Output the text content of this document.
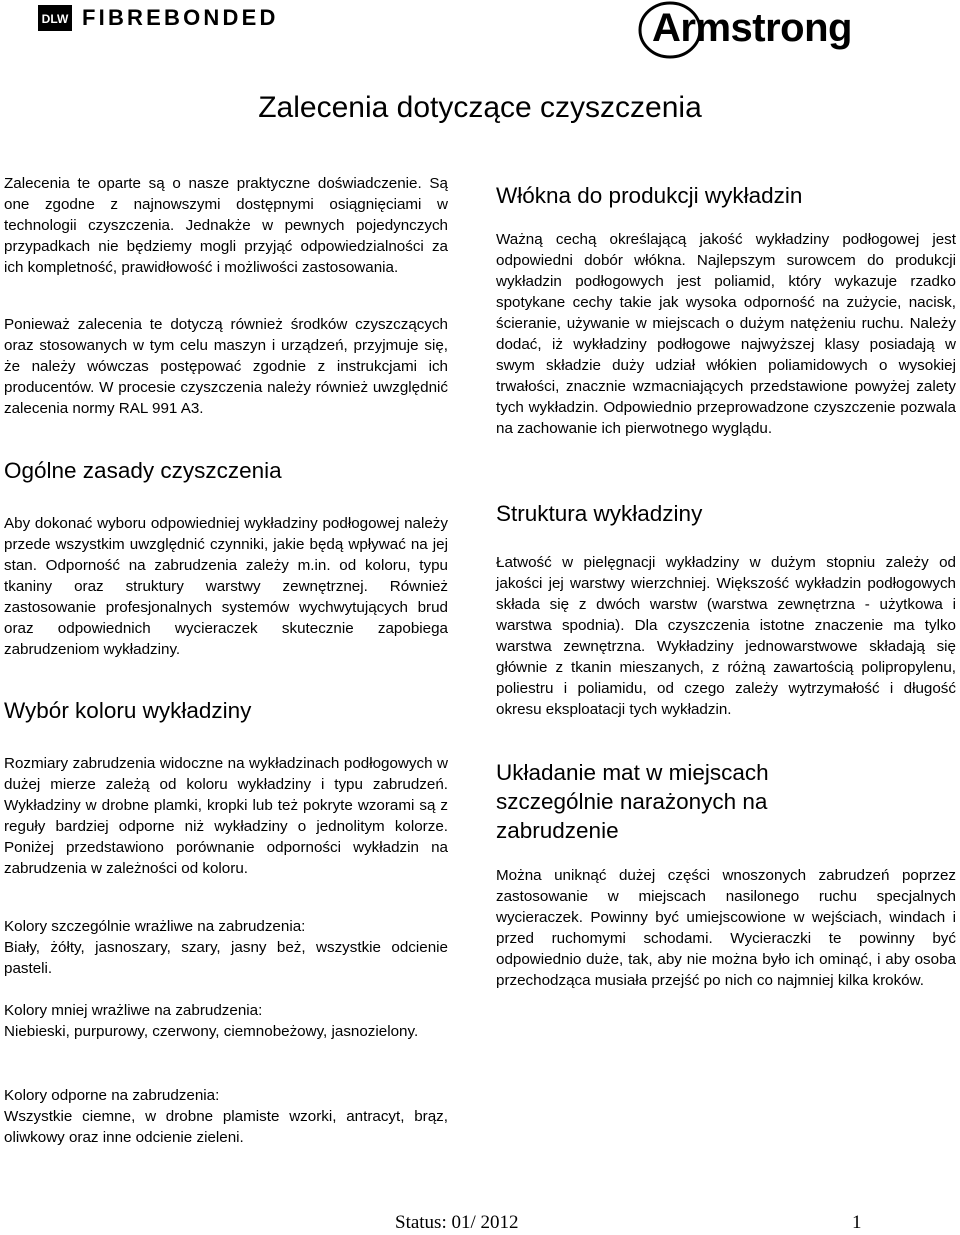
DLW FIBREBONDED	Armstrong
Zalecenia dotyczące czyszczenia

Zalecenia te oparte są o nasze praktyczne doświadczenie. Są one zgodne z najnowszymi dostępnymi osiągnięciami w technologii czyszczenia. Jednakże w pewnych pojedynczych przypadkach nie będziemy mogli przyjąć odpowiedzialności za ich kompletność, prawidłowość i możliwości zastosowania.

Ponieważ zalecenia te dotyczą również środków czyszczących oraz stosowanych w tym celu maszyn i urządzeń, przyjmuje się, że należy wówczas postępować zgodnie z instrukcjami ich producentów. W procesie czyszczenia należy również uwzględnić zalecenia normy RAL 991 A3.

Ogólne zasady czyszczenia

Aby dokonać wyboru odpowiedniej wykładziny podłogowej należy przede wszystkim uwzględnić czynniki, jakie będą wpływać na jej stan. Odporność na zabrudzenia zależy m.in. od koloru, typu tkaniny oraz struktury warstwy zewnętrznej. Również zastosowanie profesjonalnych systemów wychwytujących brud oraz odpowiednich wycieraczek skutecznie zapobiega zabrudzeniom wykładziny.

Wybór koloru wykładziny

Rozmiary zabrudzenia widoczne na wykładzinach podłogowych w dużej mierze zależą od koloru wykładziny i typu zabrudzeń. Wykładziny w drobne plamki, kropki lub też pokryte wzorami są z reguły bardziej odporne niż wykładziny o jednolitym kolorze. Poniżej przedstawiono porównanie odporności wykładzin na zabrudzenia w zależności od koloru.

Kolory szczególnie wrażliwe na zabrudzenia:

Biały, żółty, jasnoszary, szary, jasny beż, wszystkie odcienie pasteli.

Kolory mniej wrażliwe na zabrudzenia:

Niebieski, purpurowy, czerwony, ciemnobeżowy, jasnozielony.

Kolory odporne na zabrudzenia:

Wszystkie ciemne, w drobne plamiste wzorki, antracyt, brąz, oliwkowy oraz inne odcienie zieleni.

Włókna do produkcji wykładzin

Ważną cechą określającą jakość wykładziny podłogowej jest odpowiedni dobór włókna. Najlepszym surowcem do produkcji wykładzin podłogowych jest poliamid, który wykazuje rzadko spotykane cechy takie jak wysoka odporność na zużycie, nacisk, ścieranie, używanie w miejscach o dużym natężeniu ruchu. Należy dodać, iż wykładziny podłogowe najwyższej klasy posiadają w swym składzie duży udział włókien poliamidowych o wysokiej trwałości, znacznie wzmacniających przedstawione powyżej zalety tych wykładzin. Odpowiednio przeprowadzone czyszczenie pozwala na zachowanie ich pierwotnego wyglądu.

Struktura wykładziny

Łatwość w pielęgnacji wykładziny w dużym stopniu zależy od jakości jej warstwy wierzchniej. Większość wykładzin podłogowych składa się z dwóch warstw (warstwa zewnętrzna - użytkowa i warstwa spodnia). Dla czyszczenia istotne znaczenie ma tylko warstwa zewnętrzna. Wykładziny jednowarstwowe składają się głównie z tkanin mieszanych, z różną zawartością polipropylenu, poliestru i poliamidu, od czego zależy wytrzymałość i długość okresu eksploatacji tych wykładzin.

Układanie mat w miejscach szczególnie narażonych na zabrudzenie

Można uniknąć dużej części wnoszonych zabrudzeń poprzez zastosowanie w miejscach nasilonego ruchu specjalnych wycieraczek. Powinny być umiejscowione w wejściach, windach i przed ruchomymi schodami. Wycieraczki te powinny być odpowiednio duże, tak, aby nie można było ich ominąć, i aby osoba przechodząca musiała przejść po nich co najmniej kilka kroków.

Status: 01/ 2012	1
